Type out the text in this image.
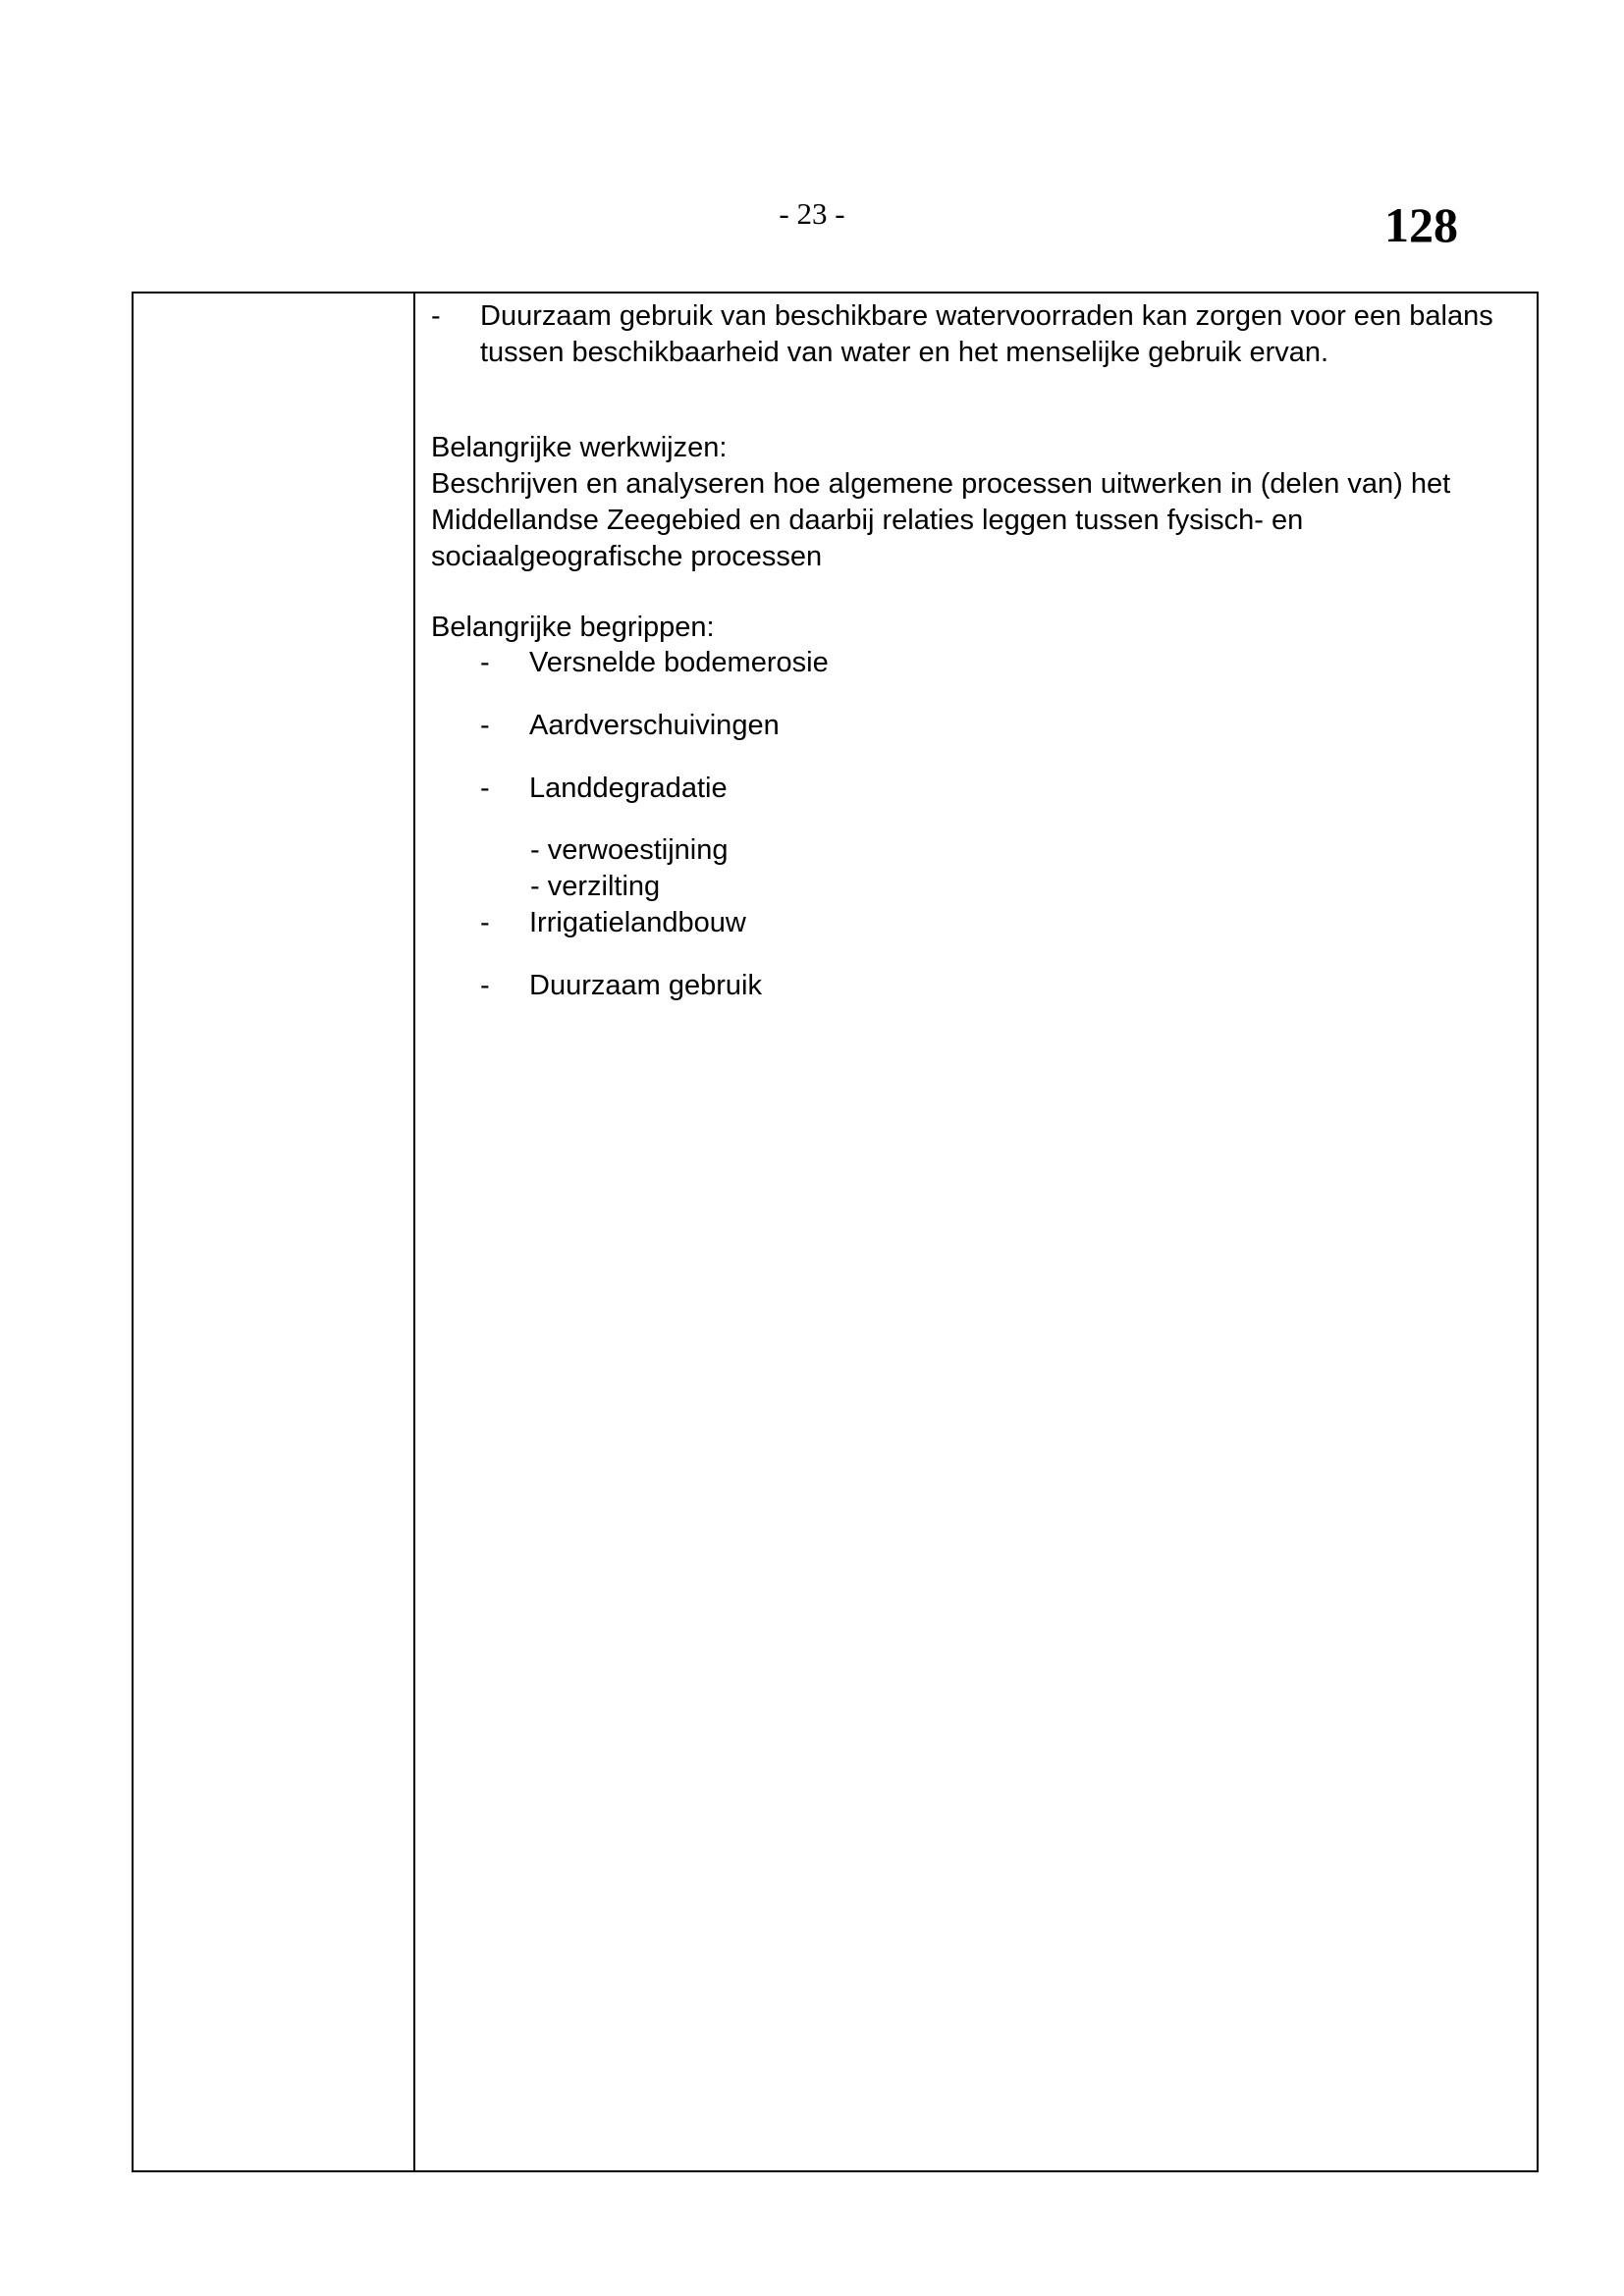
- 23 -	128
- Duurzaam gebruik van beschikbare watervoorraden kan zorgen voor een balans tussen beschikbaarheid van water en het menselijke gebruik ervan.
Belangrijke werkwijzen:
Beschrijven en analyseren hoe algemene processen uitwerken in (delen van) het Middellandse Zeegebied en daarbij relaties leggen tussen fysisch- en sociaalgeografische processen
Belangrijke begrippen:
- Versnelde bodemerosie
- Aardverschuivingen
- Landdegradatie
- verwoestijning
- verzilting
- Irrigatielandbouw
- Duurzaam gebruik
